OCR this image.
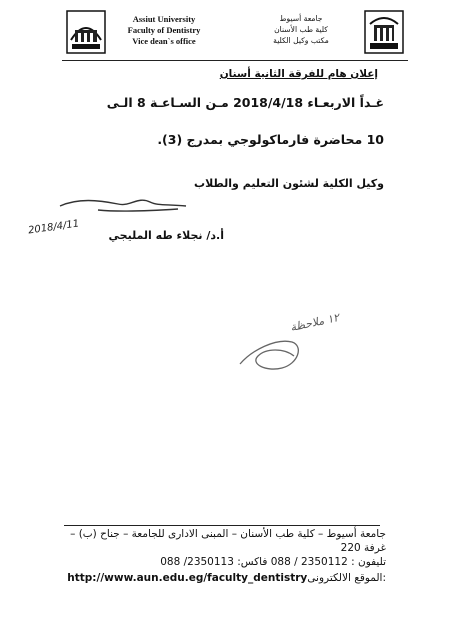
Assiut University
Faculty of Dentistry
Vice dean`s office
جامعة أسيوط
كلية طب الأسنان
مكتب وكيل الكلية
إعلان هام للفرقة الثانية أسنان
غـداً الاربعـاء 2018/4/18 مـن السـاعـة 8 الـى
10 محاضرة فارماكولوجي بمدرج (3).
وكيل الكلية لشئون التعليم والطلاب
2018/4/11	أ.د/ نجلاء طه المليجي
١٢ ملاحظة
جامعة أسيوط – كلية طب الأسنان – المبنى الادارى للجامعة – جناح (ب) –
غرفة 220
تليفون : 2350112 / 088 فاكس: 2350113/ 088
http://www.aun.edu.eg/faculty_dentistryالموقع الالكترونى:
